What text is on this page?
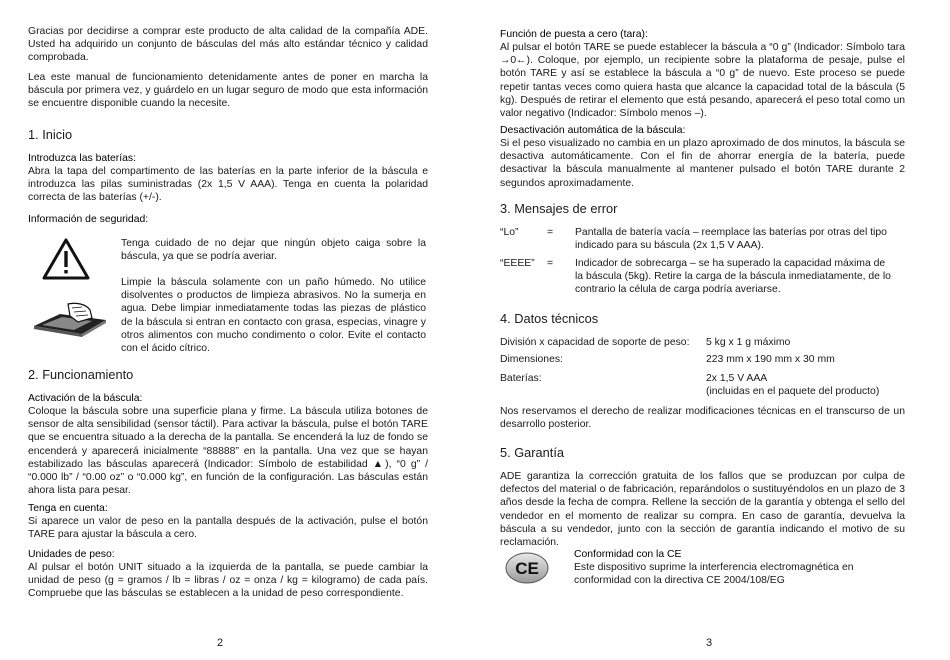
Gracias por decidirse a comprar este producto de alta calidad de la compañía ADE. Usted ha adquirido un conjunto de básculas del más alto estándar técnico y calidad comprobada.

Lea este manual de funcionamiento detenidamente antes de poner en marcha la báscula por primera vez, y guárdelo en un lugar seguro de modo que esta información se encuentre disponible cuando la necesite.

1. Inicio
Introduzca las baterías:

Abra la tapa del compartimento de las baterías en la parte inferior de la báscula e introduzca las pilas suministradas (2x 1,5 V AAA). Tenga en cuenta la polaridad correcta de las baterías (+/-).

Información de seguridad:

Tenga cuidado de no dejar que ningún objeto caiga sobre la báscula, ya que se podría averiar.

Limpie la báscula solamente con un paño húmedo. No utilice disolventes o productos de limpieza abrasivos. No la sumerja en agua. Debe limpiar inmediatamente todas las piezas de plástico de la báscula si entran en contacto con grasa, especias, vinagre y otros alimentos con mucho condimento o color. Evite el contacto con el ácido cítrico.

2. Funcionamiento
Activación de la báscula:

Coloque la báscula sobre una superficie plana y firme. La báscula utiliza botones de sensor de alta sensibilidad (sensor táctil). Para activar la báscula, pulse el botón TARE que se encuentra situado a la derecha de la pantalla. Se encenderá la luz de fondo se encenderá y aparecerá inicialmente “88888” en la pantalla. Una vez que se hayan estabilizado las básculas aparecerá (Indicador: Símbolo de estabilidad ▲), “0 g” / “0.000 lb” / “0.00 oz” o “0.000 kg”, en función de la configuración. Las básculas están ahora lista para pesar.

Tenga en cuenta:

Si aparece un valor de peso en la pantalla después de la activación, pulse el botón TARE para ajustar la báscula a cero.

Unidades de peso:

Al pulsar el botón UNIT situado a la izquierda de la pantalla, se puede cambiar la unidad de peso (g = gramos / lb = libras / oz = onza / kg = kilogramo) de cada país. Compruebe que las básculas se establecen a la unidad de peso correspondiente.

2
Función de puesta a cero (tara):

Al pulsar el botón TARE se puede establecer la báscula a “0 g” (Indicador: Símbolo tara →0←). Coloque, por ejemplo, un recipiente sobre la plataforma de pesaje, pulse el botón TARE y así se establece la báscula a “0 g” de nuevo. Este proceso se puede repetir tantas veces como quiera hasta que alcance la capacidad total de la báscula (5 kg). Después de retirar el elemento que está pesando, aparecerá el peso total como un valor negativo (Indicador: Símbolo menos –).

Desactivación automática de la báscula:

Si el peso visualizado no cambia en un plazo aproximado de dos minutos, la báscula se desactiva automáticamente. Con el fin de ahorrar energía de la batería, puede desactivar la báscula manualmente al mantener pulsado el botón TARE durante 2 segundos aproximadamente.

3. Mensajes de error
“Lo”	= Pantalla de batería vacía – reemplace las baterías por otras del tipo indicado para su báscula (2x 1,5 V AAA).
“EEEE” = Indicador de sobrecarga – se ha superado la capacidad máxima de la báscula (5kg). Retire la carga de la báscula inmediatamente, de lo contrario la célula de carga podría averiarse.
4. Datos técnicos
División x capacidad de soporte de peso: 5 kg x 1 g máximo
Dimensiones:	223 mm x 190 mm x 30 mm
Baterías:	2x 1,5 V AAA
(incluidas en el paquete del producto)

Nos reservamos el derecho de realizar modificaciones técnicas en el transcurso de un desarrollo posterior.

5. Garantía

ADE garantiza la corrección gratuita de los fallos que se produzcan por culpa de defectos del material o de fabricación, reparándolos o sustituyéndolos en un plazo de 3 años desde la fecha de compra. Rellene la sección de la garantía y obtenga el sello del vendedor en el momento de realizar su compra. En caso de garantía, devuelva la báscula a su vendedor, junto con la sección de garantía indicando el motivo de su reclamación.

CE
Conformidad con la CE
Este dispositivo suprime la interferencia electromagnética en conformidad con la directiva CE 2004/108/EG
3
